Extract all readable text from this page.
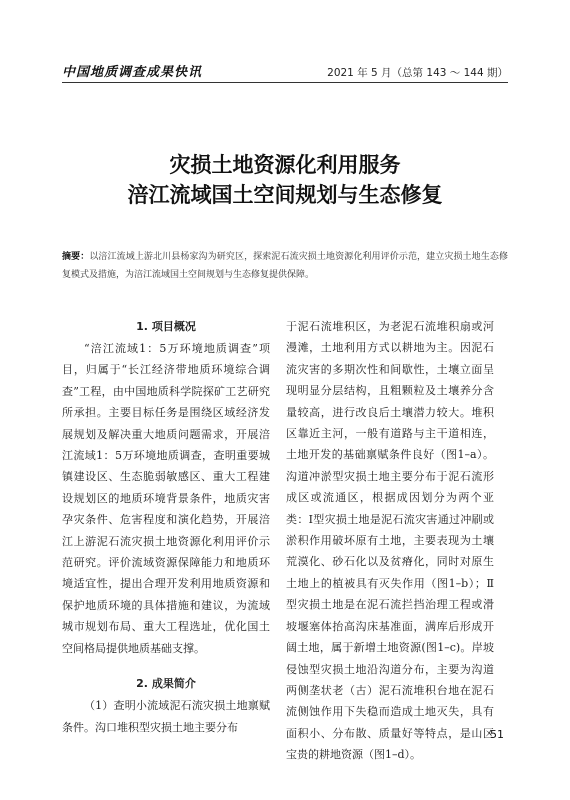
中国地质调查成果快讯	2021 年 5 月（总第 143 ～ 144 期）
灾损土地资源化利用服务
涪江流域国土空间规划与生态修复
摘要：以涪江流域上游北川县杨家沟为研究区，探索泥石流灾损土地资源化利用评价示范，建立灾损土地生态修复模式及措施，为涪江流域国土空间规划与生态修复提供保障。
1. 项目概况

“涪江流域1：5万环境地质调查”项目，归属于“长江经济带地质环境综合调查”工程，由中国地质科学院探矿工艺研究所承担。主要目标任务是围绕区域经济发展规划及解决重大地质问题需求，开展涪江流域1：5万环境地质调查，查明重要城镇建设区、生态脆弱敏感区、重大工程建设规划区的地质环境背景条件，地质灾害孕灾条件、危害程度和演化趋势，开展涪江上游泥石流灾损土地资源化利用评价示范研究。评价流域资源保障能力和地质环境适宜性，提出合理开发利用地质资源和保护地质环境的具体措施和建议，为流域城市规划布局、重大工程选址，优化国土空间格局提供地质基础支撑。

2. 成果简介

（1）查明小流域泥石流灾损土地禀赋条件。沟口堆积型灾损土地主要分布

于泥石流堆积区，为老泥石流堆积扇或河漫滩，土地利用方式以耕地为主。因泥石流灾害的多期次性和间歇性，土壤立面呈现明显分层结构，且粗颗粒及土壤养分含量较高，进行改良后土壤潜力较大。堆积区靠近主河，一般有道路与主干道相连，土地开发的基础禀赋条件良好（图1–a）。沟道冲淤型灾损土地主要分布于泥石流形成区或流通区，根据成因划分为两个亚类：Ⅰ型灾损土地是泥石流灾害通过冲刷或淤积作用破坏原有土地，主要表现为土壤荒漠化、砂石化以及贫瘠化，同时对原生土地上的植被具有灭失作用（图1–b）；Ⅱ型灾损土地是在泥石流拦挡治理工程或滑坡堰塞体抬高沟床基准面，满库后形成开阔土地，属于新增土地资源(图1–c)。岸坡侵蚀型灾损土地沿沟道分布，主要为沟道两侧垄状老（古）泥石流堆积台地在泥石流侧蚀作用下失稳而造成土地灭失，具有面积小、分布散、质量好等特点，是山区宝贵的耕地资源（图1–d）。

51
